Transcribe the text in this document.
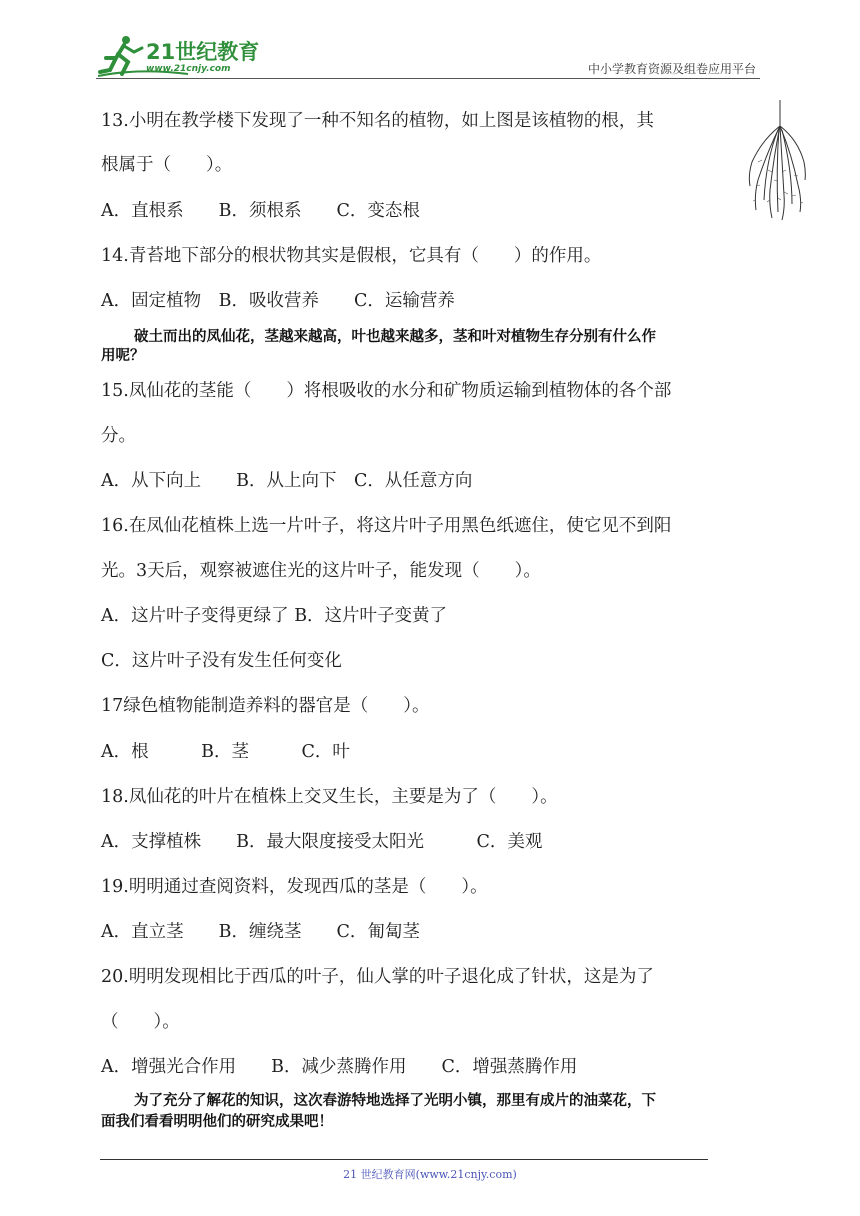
21世纪教育
www.21cnjy.com	中小学教育资源及组卷应用平台
13.小明在教学楼下发现了一种不知名的植物，如上图是该植物的根，其
根属于（　　）。
A．直根系　　B．须根系　　C．变态根
14.青苔地下部分的根状物其实是假根，它具有（　　）的作用。
A．固定植物　B．吸收营养　　C．运输营养
破土而出的凤仙花，茎越来越高，叶也越来越多，茎和叶对植物生存分别有什么作
用呢？
15.凤仙花的茎能（　　）将根吸收的水分和矿物质运输到植物体的各个部
分。
A．从下向上　　B．从上向下　C．从任意方向
16.在凤仙花植株上选一片叶子，将这片叶子用黑色纸遮住，使它见不到阳
光。3天后，观察被遮住光的这片叶子，能发现（　　）。
A．这片叶子变得更绿了 B．这片叶子变黄了
C．这片叶子没有发生任何变化
17绿色植物能制造养料的器官是（　　）。
A．根　　　B．茎　　　C．叶
18.凤仙花的叶片在植株上交叉生长，主要是为了（　　）。
A．支撑植株　　B．最大限度接受太阳光　　　C．美观
19.明明通过查阅资料，发现西瓜的茎是（　　）。
A．直立茎　　B．缠绕茎　　C．匍匐茎
20.明明发现相比于西瓜的叶子，仙人掌的叶子退化成了针状，这是为了
（　　）。
A．增强光合作用　　B．减少蒸腾作用　　C．增强蒸腾作用
为了充分了解花的知识，这次春游特地选择了光明小镇，那里有成片的油菜花，下
面我们看看明明他们的研究成果吧！
21 世纪教育网(www.21cnjy.com)
